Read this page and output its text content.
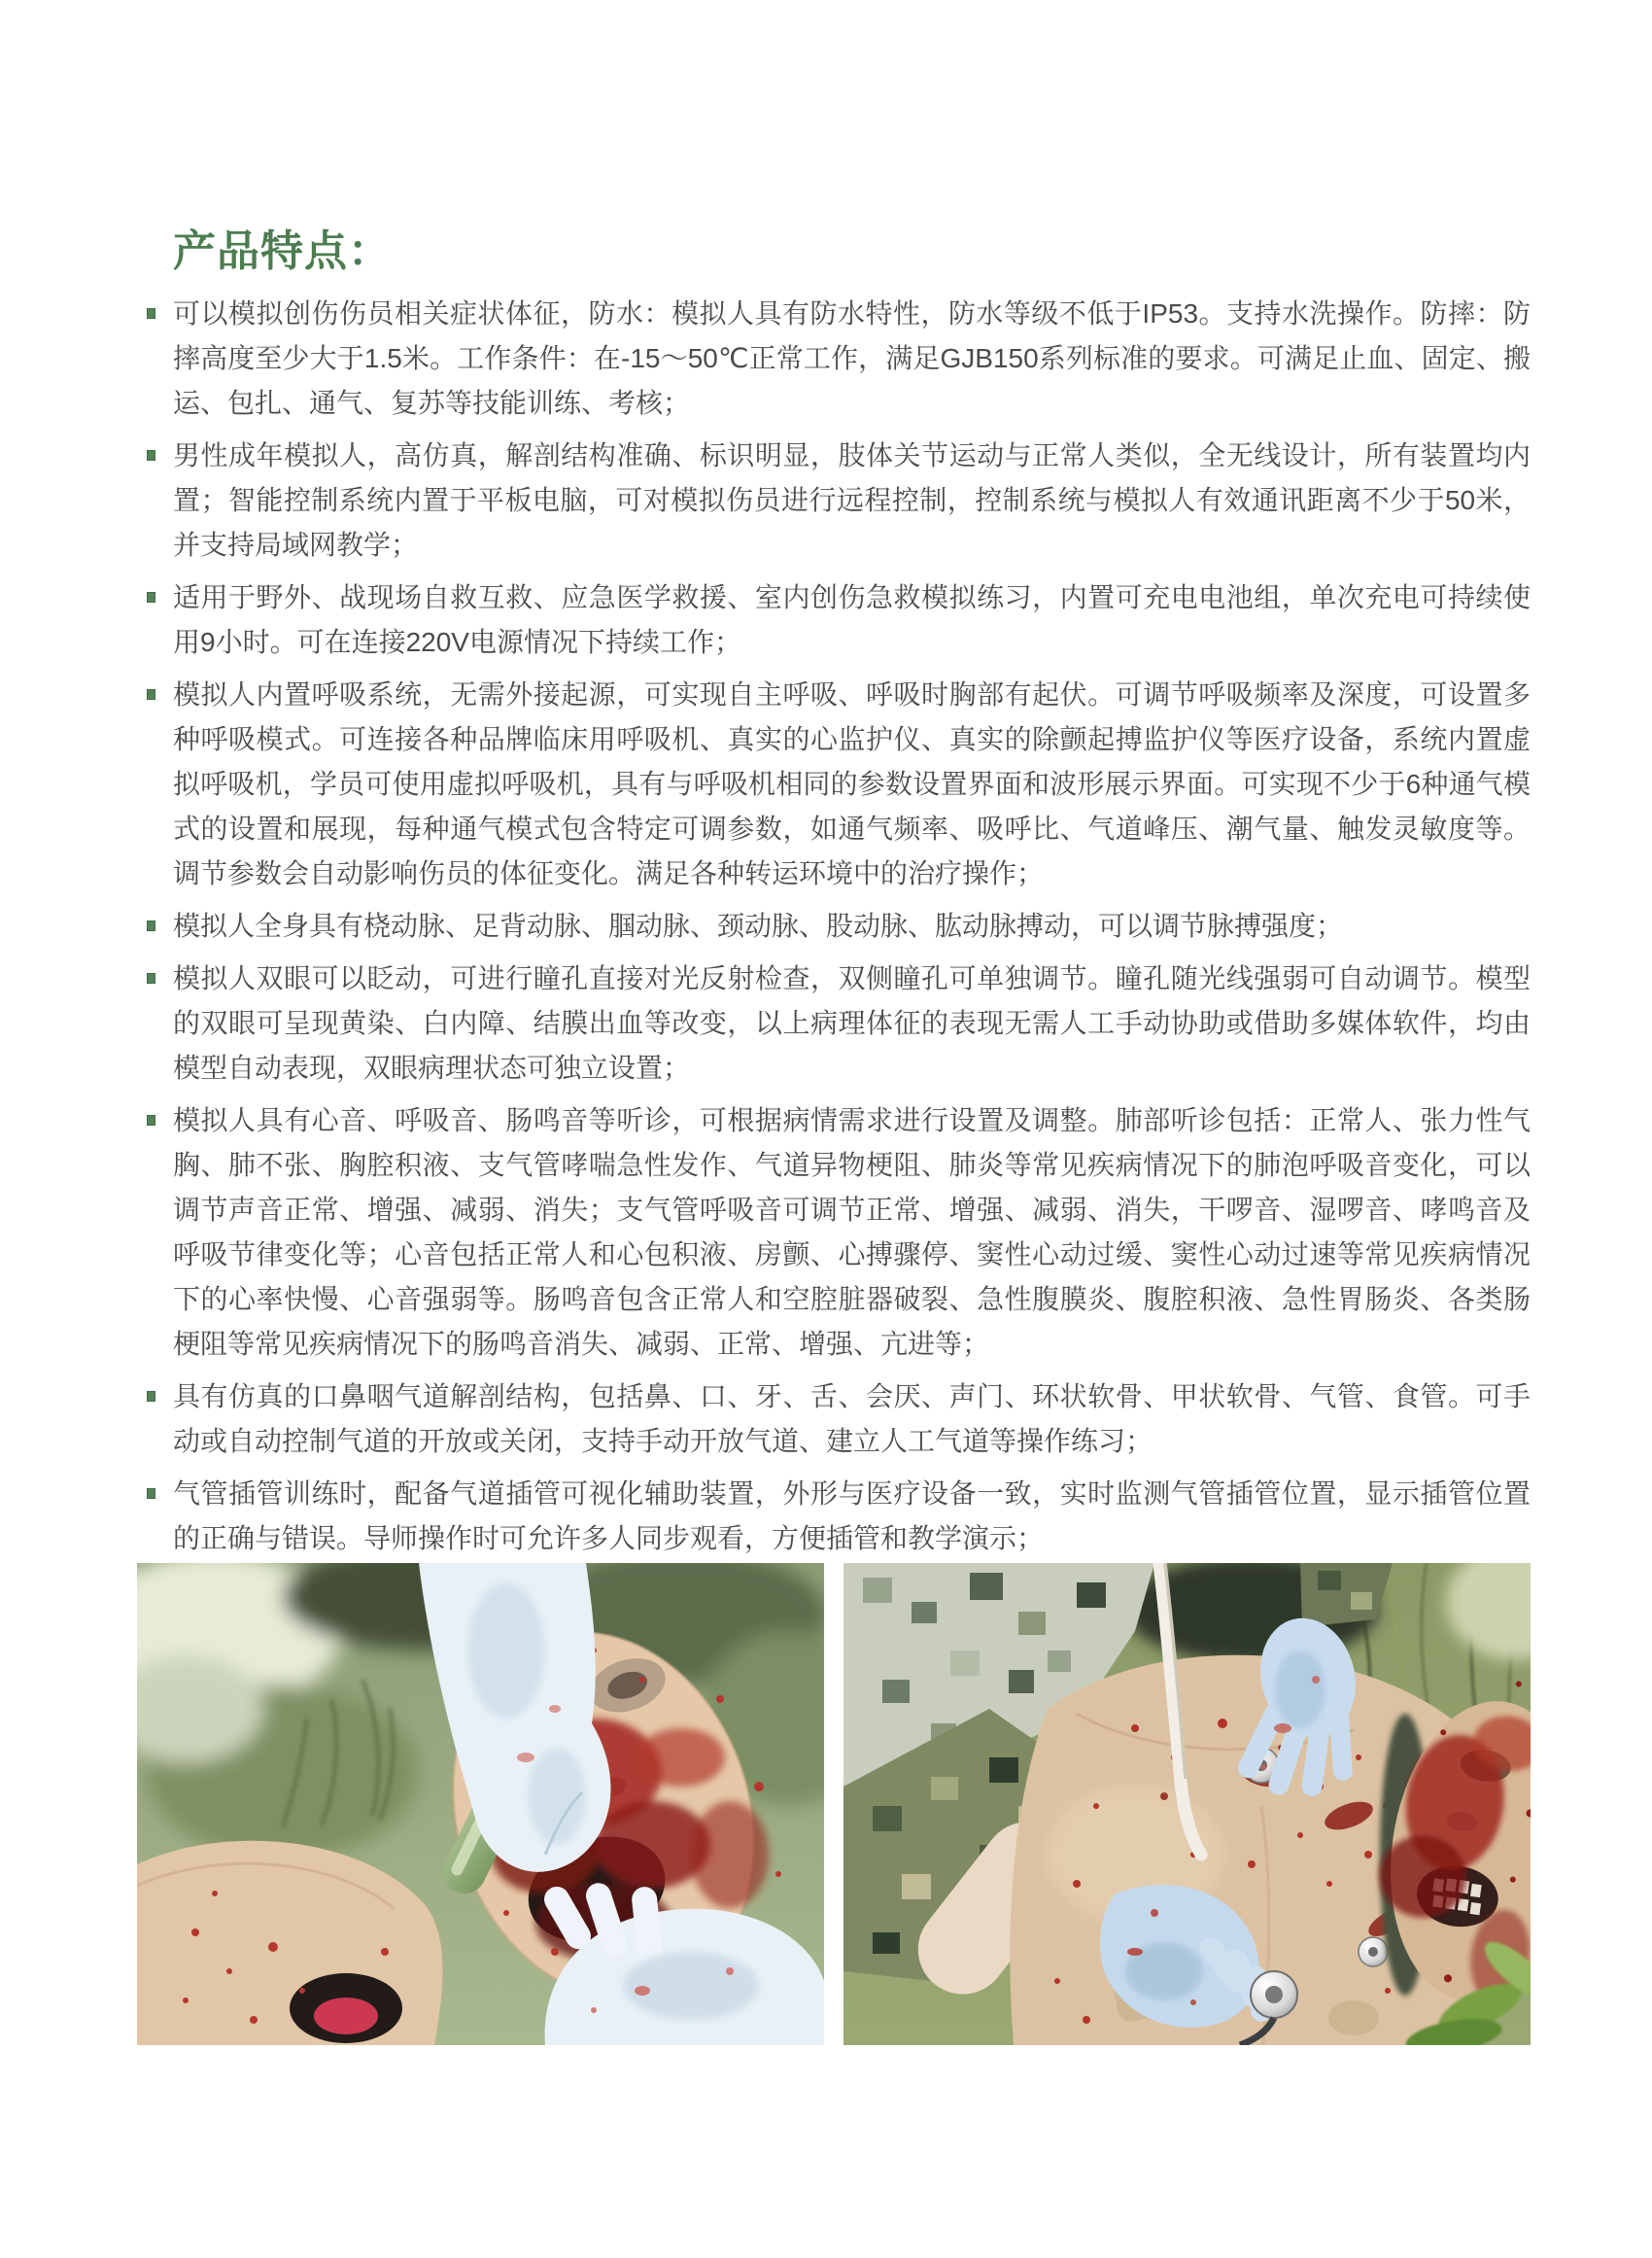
产品特点：
可以模拟创伤伤员相关症状体征，防水：模拟人具有防水特性，防水等级不低于IP53。支持水洗操作。防摔：防摔高度至少大于1.5米。工作条件：在-15～50℃正常工作，满足GJB150系列标准的要求。可满足止血、固定、搬运、包扎、通气、复苏等技能训练、考核；
男性成年模拟人，高仿真，解剖结构准确、标识明显，肢体关节运动与正常人类似，全无线设计，所有装置均内置；智能控制系统内置于平板电脑，可对模拟伤员进行远程控制，控制系统与模拟人有效通讯距离不少于50米，并支持局域网教学；
适用于野外、战现场自救互救、应急医学救援、室内创伤急救模拟练习，内置可充电电池组，单次充电可持续使用9小时。可在连接220V电源情况下持续工作；
模拟人内置呼吸系统，无需外接起源，可实现自主呼吸、呼吸时胸部有起伏。可调节呼吸频率及深度，可设置多种呼吸模式。可连接各种品牌临床用呼吸机、真实的心监护仪、真实的除颤起搏监护仪等医疗设备，系统内置虚拟呼吸机，学员可使用虚拟呼吸机，具有与呼吸机相同的参数设置界面和波形展示界面。可实现不少于6种通气模式的设置和展现，每种通气模式包含特定可调参数，如通气频率、吸呼比、气道峰压、潮气量、触发灵敏度等。调节参数会自动影响伤员的体征变化。满足各种转运环境中的治疗操作；
模拟人全身具有桡动脉、足背动脉、腘动脉、颈动脉、股动脉、肱动脉搏动，可以调节脉搏强度；
模拟人双眼可以眨动，可进行瞳孔直接对光反射检查，双侧瞳孔可单独调节。瞳孔随光线强弱可自动调节。模型的双眼可呈现黄染、白内障、结膜出血等改变，以上病理体征的表现无需人工手动协助或借助多媒体软件，均由模型自动表现，双眼病理状态可独立设置；
模拟人具有心音、呼吸音、肠鸣音等听诊，可根据病情需求进行设置及调整。肺部听诊包括：正常人、张力性气胸、肺不张、胸腔积液、支气管哮喘急性发作、气道异物梗阻、肺炎等常见疾病情况下的肺泡呼吸音变化，可以调节声音正常、增强、减弱、消失；支气管呼吸音可调节正常、增强、减弱、消失，干啰音、湿啰音、哮鸣音及呼吸节律变化等；心音包括正常人和心包积液、房颤、心搏骤停、窦性心动过缓、窦性心动过速等常见疾病情况下的心率快慢、心音强弱等。肠鸣音包含正常人和空腔脏器破裂、急性腹膜炎、腹腔积液、急性胃肠炎、各类肠梗阻等常见疾病情况下的肠鸣音消失、减弱、正常、增强、亢进等；
具有仿真的口鼻咽气道解剖结构，包括鼻、口、牙、舌、会厌、声门、环状软骨、甲状软骨、气管、食管。可手动或自动控制气道的开放或关闭，支持手动开放气道、建立人工气道等操作练习；
气管插管训练时，配备气道插管可视化辅助装置，外形与医疗设备一致，实时监测气管插管位置，显示插管位置的正确与错误。导师操作时可允许多人同步观看，方便插管和教学演示；
